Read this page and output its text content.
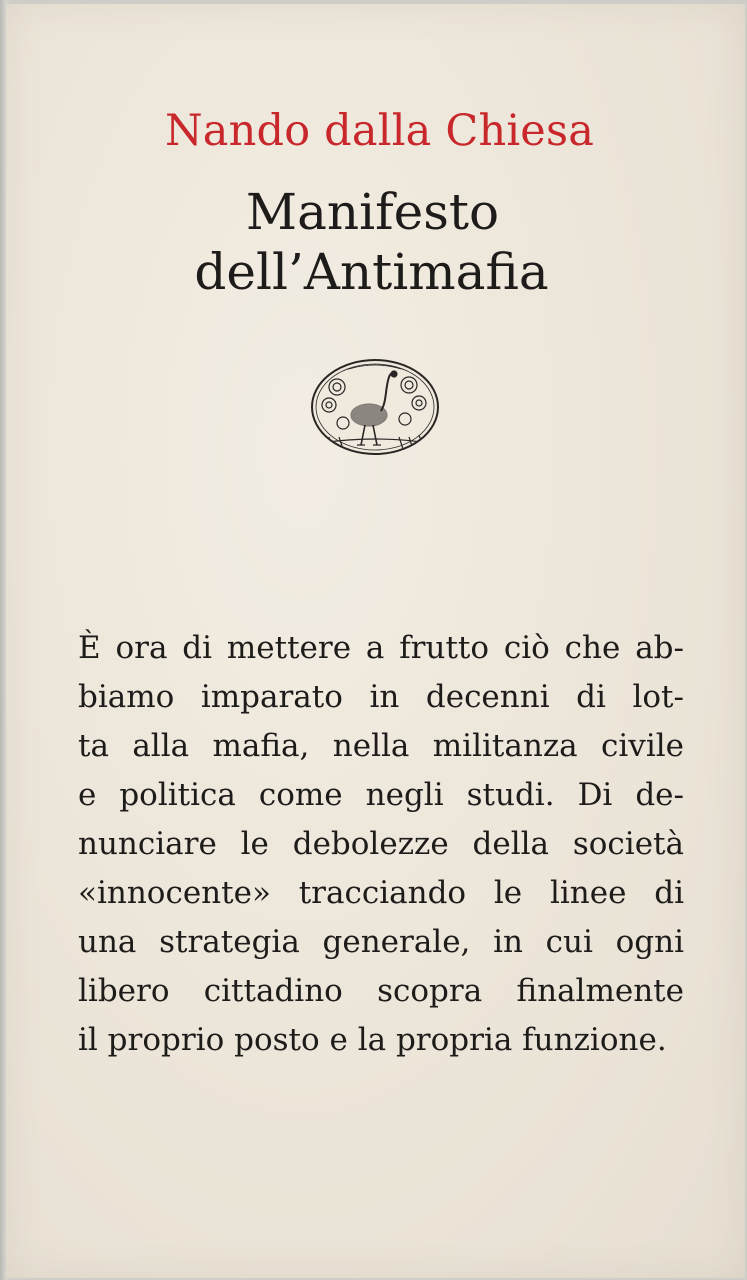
Nando dalla Chiesa
Manifesto
dell’Antimafia
È ora di mettere a frutto ciò che ab-
biamo imparato in decenni di lot-
ta alla mafia, nella militanza civile
e politica come negli studi. Di de-
nunciare le debolezze della società
«innocente» tracciando le linee di
una strategia generale, in cui ogni
libero cittadino scopra finalmente
il proprio posto e la propria funzione.
